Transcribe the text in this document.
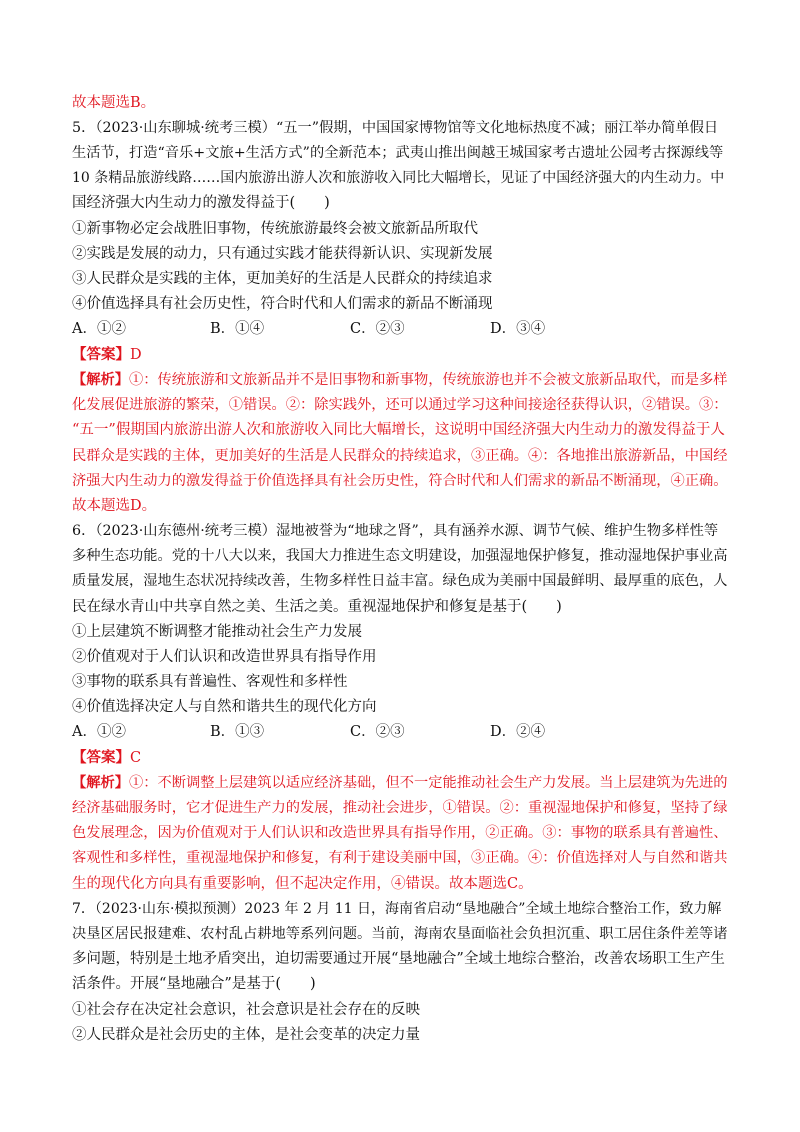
故本题选B。

5．（2023·山东聊城·统考三模）“五一”假期，中国国家博物馆等文化地标热度不减；丽江举办简单假日

生活节，打造“音乐+文旅+生活方式”的全新范本；武夷山推出闽越王城国家考古遗址公园考古探源线等

10 条精品旅游线路……国内旅游出游人次和旅游收入同比大幅增长，见证了中国经济强大的内生动力。中

国经济强大内生动力的激发得益于(　　)

①新事物必定会战胜旧事物，传统旅游最终会被文旅新品所取代

②实践是发展的动力，只有通过实践才能获得新认识、实现新发展

③人民群众是实践的主体，更加美好的生活是人民群众的持续追求

④价值选择具有社会历史性，符合时代和人们需求的新品不断涌现

A．①②	B．①④	C．②③	D．③④

【答案】D

【解析】①：传统旅游和文旅新品并不是旧事物和新事物，传统旅游也并不会被文旅新品取代，而是多样

化发展促进旅游的繁荣，①错误。②：除实践外，还可以通过学习这种间接途径获得认识，②错误。③：

“五一”假期国内旅游出游人次和旅游收入同比大幅增长，这说明中国经济强大内生动力的激发得益于人

民群众是实践的主体，更加美好的生活是人民群众的持续追求，③正确。④：各地推出旅游新品，中国经

济强大内生动力的激发得益于价值选择具有社会历史性，符合时代和人们需求的新品不断涌现，④正确。

故本题选D。

6．（2023·山东德州·统考三模）湿地被誉为“地球之肾”，具有涵养水源、调节气候、维护生物多样性等

多种生态功能。党的十八大以来，我国大力推进生态文明建设，加强湿地保护修复，推动湿地保护事业高

质量发展，湿地生态状况持续改善，生物多样性日益丰富。绿色成为美丽中国最鲜明、最厚重的底色，人

民在绿水青山中共享自然之美、生活之美。重视湿地保护和修复是基于(　　)

①上层建筑不断调整才能推动社会生产力发展

②价值观对于人们认识和改造世界具有指导作用

③事物的联系具有普遍性、客观性和多样性

④价值选择决定人与自然和谐共生的现代化方向

A．①②	B．①③	C．②③	D．②④

【答案】C

【解析】①：不断调整上层建筑以适应经济基础，但不一定能推动社会生产力发展。当上层建筑为先进的

经济基础服务时，它才促进生产力的发展，推动社会进步，①错误。②：重视湿地保护和修复，坚持了绿

色发展理念，因为价值观对于人们认识和改造世界具有指导作用，②正确。③：事物的联系具有普遍性、

客观性和多样性，重视湿地保护和修复，有利于建设美丽中国，③正确。④：价值选择对人与自然和谐共

生的现代化方向具有重要影响，但不起决定作用，④错误。故本题选C。

7．（2023·山东·模拟预测）2023 年 2 月 11 日，海南省启动“垦地融合”全域土地综合整治工作，致力解

决垦区居民报建难、农村乱占耕地等系列问题。当前，海南农垦面临社会负担沉重、职工居住条件差等诸

多问题，特别是土地矛盾突出，迫切需要通过开展“垦地融合”全域土地综合整治，改善农场职工生产生

活条件。开展“垦地融合”是基于(　　)

①社会存在决定社会意识，社会意识是社会存在的反映

②人民群众是社会历史的主体，是社会变革的决定力量
